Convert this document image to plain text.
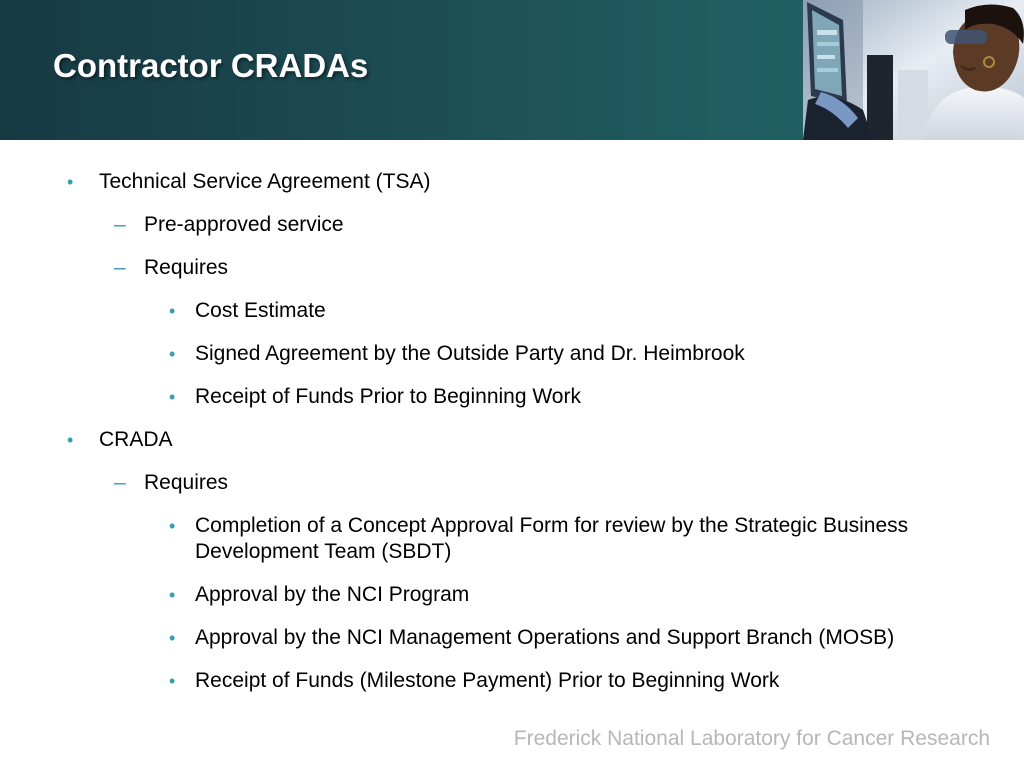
Contractor CRADAs
• Technical Service Agreement (TSA)
– Pre-approved service
– Requires
• Cost Estimate
• Signed Agreement by the Outside Party and Dr. Heimbrook
• Receipt of Funds Prior to Beginning Work
• CRADA
– Requires
• Completion of a Concept Approval Form for review by the Strategic Business Development Team (SBDT)
• Approval by the NCI Program
• Approval by the NCI Management Operations and Support Branch (MOSB)
• Receipt of Funds (Milestone Payment) Prior to Beginning Work
Frederick National Laboratory for Cancer Research
